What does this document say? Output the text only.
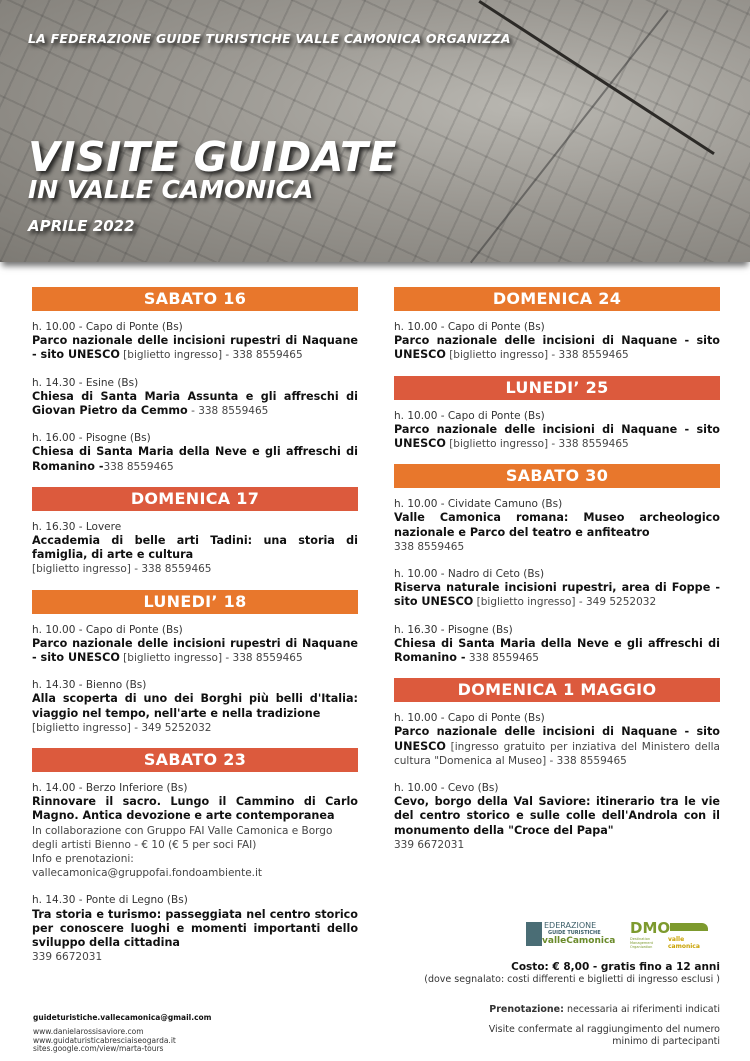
LA FEDERAZIONE GUIDE TURISTICHE VALLE CAMONICA ORGANIZZA
VISITE GUIDATE
IN VALLE CAMONICA
APRILE 2022
SABATO 16
h. 10.00 - Capo di Ponte (Bs)
Parco nazionale delle incisioni rupestri di Naquane - sito UNESCO [biglietto ingresso] - 338 8559465
h. 14.30 - Esine (Bs)
Chiesa di Santa Maria Assunta e gli affreschi di Giovan Pietro da Cemmo - 338 8559465
h. 16.00 - Pisogne (Bs)
Chiesa di Santa Maria della Neve e gli affreschi di Romanino -338 8559465
DOMENICA 17
h. 16.30 - Lovere
Accademia di belle arti Tadini: una storia di famiglia, di arte e cultura
[biglietto ingresso] - 338 8559465
LUNEDI’ 18
h. 10.00 - Capo di Ponte (Bs)
Parco nazionale delle incisioni rupestri di Naquane - sito UNESCO [biglietto ingresso] - 338 8559465
h. 14.30 - Bienno (Bs)
Alla scoperta di uno dei Borghi più belli d'Italia: viaggio nel tempo, nell'arte e nella tradizione
[biglietto ingresso] - 349 5252032
SABATO 23
h. 14.00 - Berzo Inferiore (Bs)
Rinnovare il sacro. Lungo il Cammino di Carlo Magno. Antica devozione e arte contemporanea
In collaborazione con Gruppo FAI Valle Camonica e Borgo degli artisti Bienno - € 10 (€ 5 per soci FAI)
Info e prenotazioni:
vallecamonica@gruppofai.fondoambiente.it
h. 14.30 - Ponte di Legno (Bs)
Tra storia e turismo: passeggiata nel centro storico per conoscere luoghi e momenti importanti dello sviluppo della cittadina
339 6672031
DOMENICA 24
h. 10.00 - Capo di Ponte (Bs)
Parco nazionale delle incisioni di Naquane - sito UNESCO [biglietto ingresso] - 338 8559465
LUNEDI’ 25
h. 10.00 - Capo di Ponte (Bs)
Parco nazionale delle incisioni di Naquane - sito UNESCO [biglietto ingresso] - 338 8559465
SABATO 30
h. 10.00 - Cividate Camuno (Bs)
Valle Camonica romana: Museo archeologico nazionale e Parco del teatro e anfiteatro
338 8559465
h. 10.00 - Nadro di Ceto (Bs)
Riserva naturale incisioni rupestri, area di Foppe - sito UNESCO [biglietto ingresso] - 349 5252032
h. 16.30 - Pisogne (Bs)
Chiesa di Santa Maria della Neve e gli affreschi di Romanino - 338 8559465
DOMENICA 1 MAGGIO
h. 10.00 - Capo di Ponte (Bs)
Parco nazionale delle incisioni di Naquane - sito UNESCO [ingresso gratuito per inziativa del Ministero della cultura "Domenica al Museo] - 338 8559465
h. 10.00 - Cevo (Bs)
Cevo, borgo della Val Saviore: itinerario tra le vie del centro storico e sulle colle dell'Androla con il monumento della "Croce del Papa"
339 6672031
EDERAZIONE
GUIDE TURISTICHE
valleCamonica
DMO
Destination Management Organization
valle camonica
Costo: € 8,00 - gratis fino a 12 anni
(dove segnalato: costi differenti e biglietti di ingresso esclusi )
Prenotazione: necessaria ai riferimenti indicati
Visite confermate al raggiungimento del numero minimo di partecipanti
guideturistiche.vallecamonica@gmail.com
www.danielarossisaviore.com
www.guidaturisticabresciaiseogarda.it
sites.google.com/view/marta-tours
